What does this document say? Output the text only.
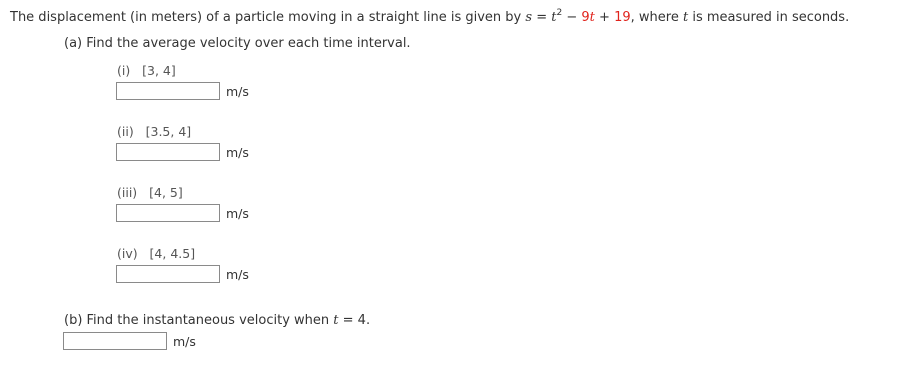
The displacement (in meters) of a particle moving in a straight line is given by $s = t^2 - 9t + 19$, where t is measured in seconds.
(a) Find the average velocity over each time interval.
(i) [3, 4]
m/s
(ii) [3.5, 4]
m/s
(iii) [4, 5]
m/s
(iv) [4, 4.5]
m/s
(b) Find the instantaneous velocity when t = 4.
m/s
